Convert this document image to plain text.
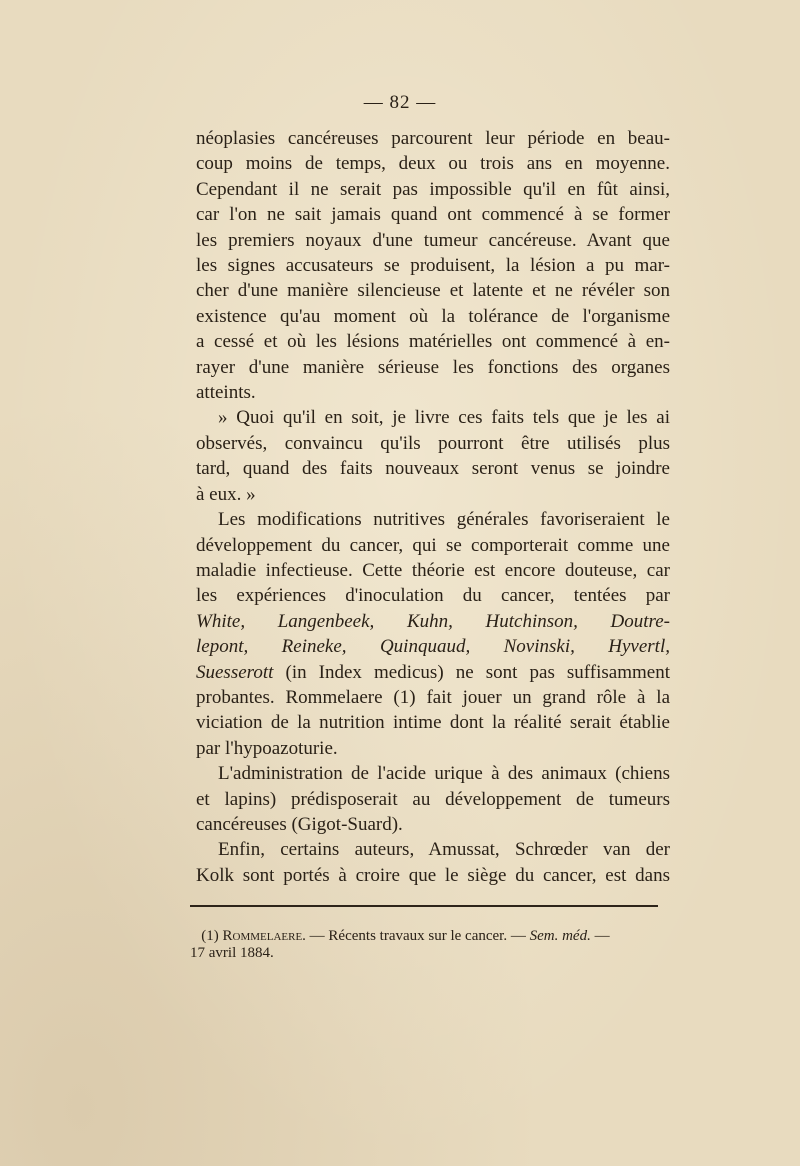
— 82 —
néoplasies cancéreuses parcourent leur période en beau-
coup moins de temps, deux ou trois ans en moyenne.
Cependant il ne serait pas impossible qu'il en fût ainsi,
car l'on ne sait jamais quand ont commencé à se former
les premiers noyaux d'une tumeur cancéreuse. Avant que
les signes accusateurs se produisent, la lésion a pu mar-
cher d'une manière silencieuse et latente et ne révéler son
existence qu'au moment où la tolérance de l'organisme
a cessé et où les lésions matérielles ont commencé à en-
rayer d'une manière sérieuse les fonctions des organes
atteints.
» Quoi qu'il en soit, je livre ces faits tels que je les ai
observés, convaincu qu'ils pourront être utilisés plus
tard, quand des faits nouveaux seront venus se joindre
à eux. »
Les modifications nutritives générales favoriseraient le
développement du cancer, qui se comporterait comme une
maladie infectieuse. Cette théorie est encore douteuse, car
les expériences d'inoculation du cancer, tentées par
White, Langenbeek, Kuhn, Hutchinson, Doutre-
lepont, Reineke, Quinquaud, Novinski, Hyvertl,
Suesserott (in Index medicus) ne sont pas suffisamment
probantes. Rommelaere (1) fait jouer un grand rôle à la
viciation de la nutrition intime dont la réalité serait établie
par l'hypoazoturie.
L'administration de l'acide urique à des animaux (chiens
et lapins) prédisposerait au développement de tumeurs
cancéreuses (Gigot-Suard).
Enfin, certains auteurs, Amussat, Schrœder van der
Kolk sont portés à croire que le siège du cancer, est dans
(1) Rommelaere. — Récents travaux sur le cancer. — Sem. méd. —
17 avril 1884.
